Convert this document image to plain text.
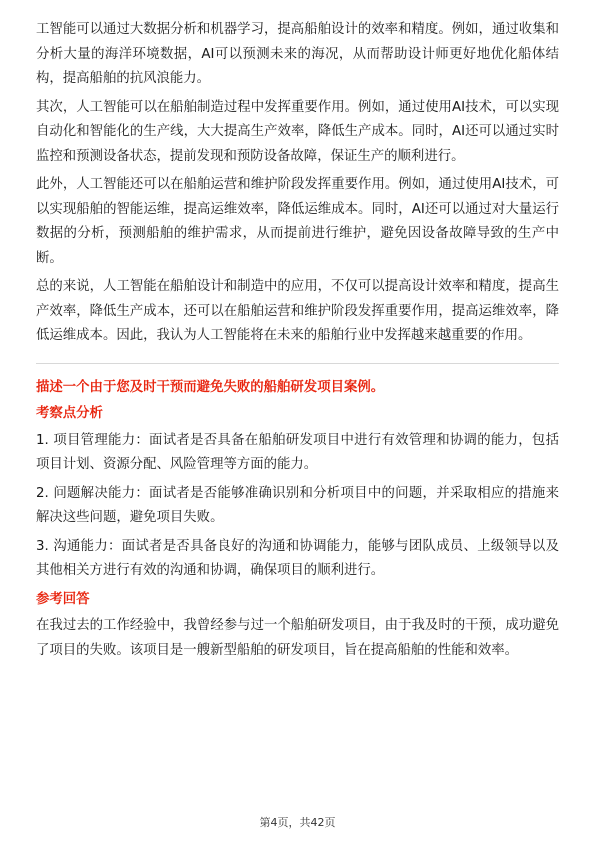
工智能可以通过大数据分析和机器学习，提高船舶设计的效率和精度。例如，通过收集和分析大量的海洋环境数据，AI可以预测未来的海况，从而帮助设计师更好地优化船体结构，提高船舶的抗风浪能力。

其次，人工智能可以在船舶制造过程中发挥重要作用。例如，通过使用AI技术，可以实现自动化和智能化的生产线，大大提高生产效率，降低生产成本。同时，AI还可以通过实时监控和预测设备状态，提前发现和预防设备故障，保证生产的顺利进行。

此外，人工智能还可以在船舶运营和维护阶段发挥重要作用。例如，通过使用AI技术，可以实现船舶的智能运维，提高运维效率，降低运维成本。同时，AI还可以通过对大量运行数据的分析，预测船舶的维护需求，从而提前进行维护，避免因设备故障导致的生产中断。

总的来说，人工智能在船舶设计和制造中的应用，不仅可以提高设计效率和精度，提高生产效率，降低生产成本，还可以在船舶运营和维护阶段发挥重要作用，提高运维效率，降低运维成本。因此，我认为人工智能将在未来的船舶行业中发挥越来越重要的作用。

描述一个由于您及时干预而避免失败的船舶研发项目案例。

考察点分析

1. 项目管理能力：面试者是否具备在船舶研发项目中进行有效管理和协调的能力，包括项目计划、资源分配、风险管理等方面的能力。

2. 问题解决能力：面试者是否能够准确识别和分析项目中的问题，并采取相应的措施来解决这些问题，避免项目失败。

3. 沟通能力：面试者是否具备良好的沟通和协调能力，能够与团队成员、上级领导以及其他相关方进行有效的沟通和协调，确保项目的顺利进行。

参考回答

在我过去的工作经验中，我曾经参与过一个船舶研发项目，由于我及时的干预，成功避免了项目的失败。该项目是一艘新型船舶的研发项目，旨在提高船舶的性能和效率。

第4页，共42页
